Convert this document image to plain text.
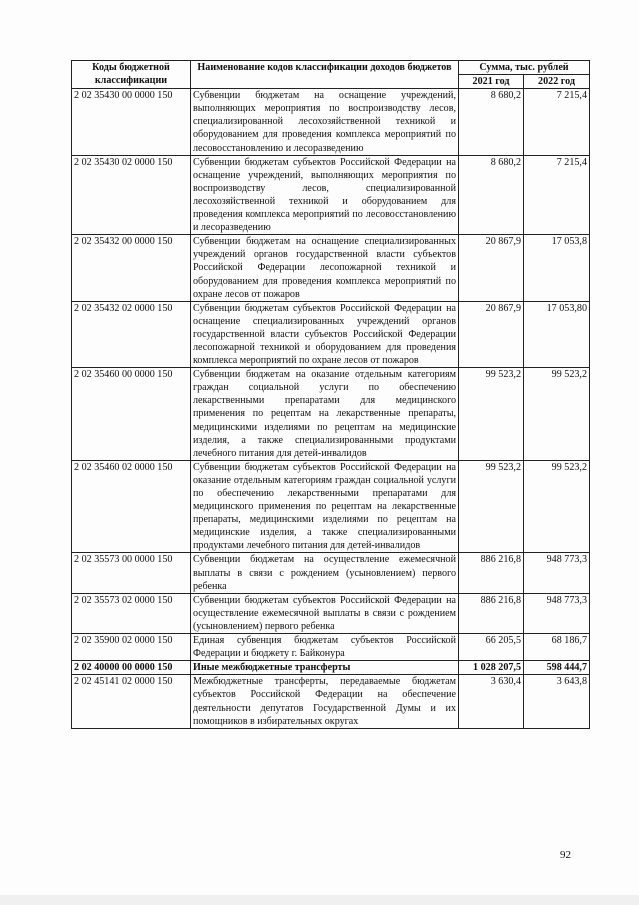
Коды бюджетной классификации	Наименование кодов классификации доходов бюджетов	Сумма, тыс. рублей	
		2021 год	2022 год
2 02 35430 00 0000 150	Субвенции бюджетам на оснащение учреждений, выполняющих мероприятия по воспроизводству лесов, специализированной лесохозяйственной техникой и оборудованием для проведения комплекса мероприятий по лесовосстановлению и лесоразведению	8 680,2	7 215,4
2 02 35430 02 0000 150	Субвенции бюджетам субъектов Российской Федерации на оснащение учреждений, выполняющих мероприятия по воспроизводству лесов, специализированной лесохозяйственной техникой и оборудованием для проведения комплекса мероприятий по лесовосстановлению и лесоразведению	8 680,2	7 215,4
2 02 35432 00 0000 150	Субвенции бюджетам на оснащение специализированных учреждений органов государственной власти субъектов Российской Федерации лесопожарной техникой и оборудованием для проведения комплекса мероприятий по охране лесов от пожаров	20 867,9	17 053,8
2 02 35432 02 0000 150	Субвенции бюджетам субъектов Российской Федерации на оснащение специализированных учреждений органов государственной власти субъектов Российской Федерации лесопожарной техникой и оборудованием для проведения комплекса мероприятий по охране лесов от пожаров	20 867,9	17 053,80
2 02 35460 00 0000 150	Субвенции бюджетам на оказание отдельным категориям граждан социальной услуги по обеспечению лекарственными препаратами для медицинского применения по рецептам на лекарственные препараты, медицинскими изделиями по рецептам на медицинские изделия, а также специализированными продуктами лечебного питания для детей-инвалидов	99 523,2	99 523,2
2 02 35460 02 0000 150	Субвенции бюджетам субъектов Российской Федерации на оказание отдельным категориям граждан социальной услуги по обеспечению лекарственными препаратами для медицинского применения по рецептам на лекарственные препараты, медицинскими изделиями по рецептам на медицинские изделия, а также специализированными продуктами лечебного питания для детей-инвалидов	99 523,2	99 523,2
2 02 35573 00 0000 150	Субвенции бюджетам на осуществление ежемесячной выплаты в связи с рождением (усыновлением) первого ребенка	886 216,8	948 773,3
2 02 35573 02 0000 150	Субвенции бюджетам субъектов Российской Федерации на осуществление ежемесячной выплаты в связи с рождением (усыновлением) первого ребенка	886 216,8	948 773,3
2 02 35900 02 0000 150	Единая субвенция бюджетам субъектов Российской Федерации и бюджету г. Байконура	66 205,5	68 186,7
2 02 40000 00 0000 150	Иные межбюджетные трансферты	1 028 207,5	598 444,7
2 02 45141 02 0000 150	Межбюджетные трансферты, передаваемые бюджетам субъектов Российской Федерации на обеспечение деятельности депутатов Государственной Думы и их помощников в избирательных округах	3 630,4	3 643,8
92
